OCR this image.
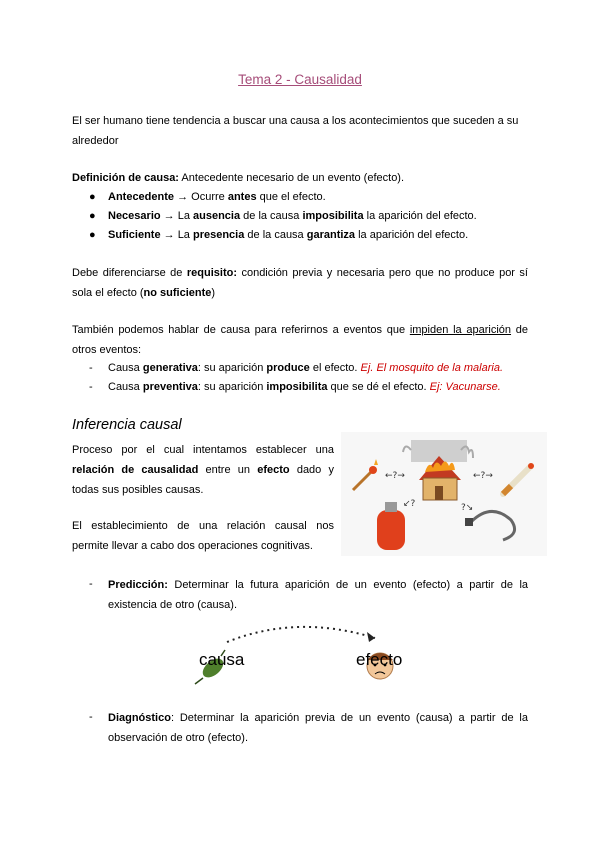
Tema 2 - Causalidad
El ser humano tiene tendencia a buscar una causa a los acontecimientos que suceden a su alrededor
Definición de causa: Antecedente necesario de un evento (efecto).
● Antecedente → Ocurre antes que el efecto.
● Necesario → La ausencia de la causa imposibilita la aparición del efecto.
● Suficiente → La presencia de la causa garantiza la aparición del efecto.
Debe diferenciarse de requisito: condición previa y necesaria pero que no produce por sí sola el efecto (no suficiente)
También podemos hablar de causa para referirnos a eventos que impiden la aparición de otros eventos:
- Causa generativa: su aparición produce el efecto. Ej. El mosquito de la malaria.
- Causa preventiva: su aparición imposibilita que se dé el efecto. Ej: Vacunarse.
Inferencia causal
Proceso por el cual intentamos establecer una relación de causalidad entre un efecto dado y todas sus posibles causas.
El establecimiento de una relación causal nos permite llevar a cabo dos operaciones cognitivas.
←?→	←?→
↙?	?↘
- Predicción: Determinar la futura aparición de un evento (efecto) a partir de la existencia de otro (causa).
causa	efecto
- Diagnóstico: Determinar la aparición previa de un evento (causa) a partir de la observación de otro (efecto).
